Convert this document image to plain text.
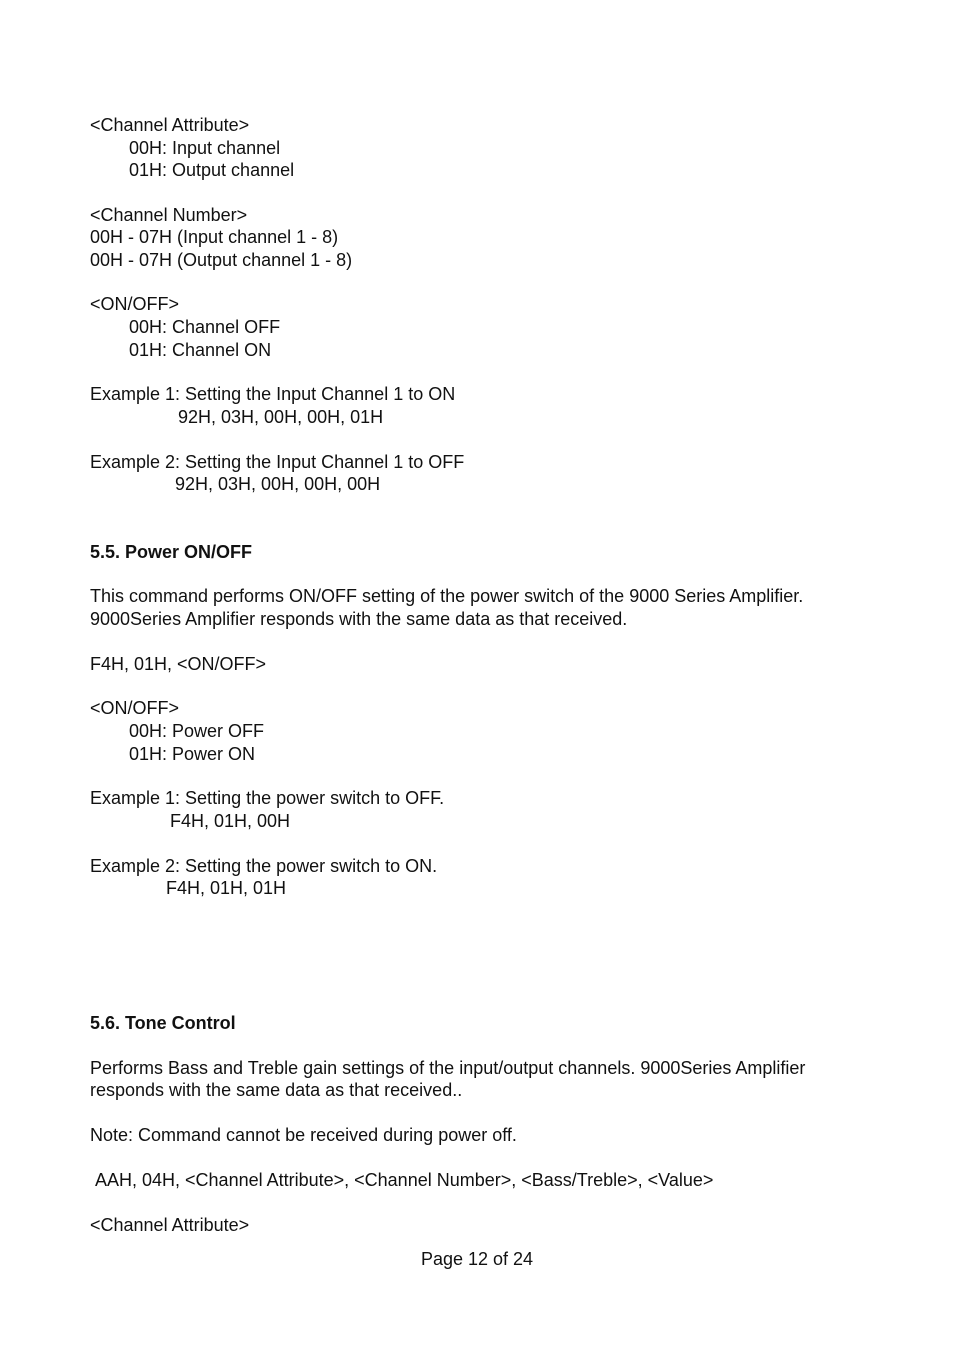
<Channel Attribute>
00H: Input channel
01H: Output channel
<Channel Number>
00H - 07H (Input channel 1 - 8)
00H - 07H (Output channel 1 - 8)
<ON/OFF>
00H: Channel OFF
01H: Channel ON
Example 1: Setting the Input Channel 1 to ON
92H, 03H, 00H, 00H, 01H
Example 2: Setting the Input Channel 1 to OFF
92H, 03H, 00H, 00H, 00H
5.5. Power ON/OFF
This command performs ON/OFF setting of the power switch of the 9000 Series Amplifier.
9000Series Amplifier responds with the same data as that received.
F4H, 01H, <ON/OFF>
<ON/OFF>
00H: Power OFF
01H: Power ON
Example 1: Setting the power switch to OFF.
F4H, 01H, 00H
Example 2: Setting the power switch to ON.
F4H, 01H, 01H
5.6. Tone Control
Performs Bass and Treble gain settings of the input/output channels. 9000Series Amplifier
responds with the same data as that received..
Note: Command cannot be received during power off.
AAH, 04H, <Channel Attribute>, <Channel Number>, <Bass/Treble>, <Value>
<Channel Attribute>
Page 12 of 24
